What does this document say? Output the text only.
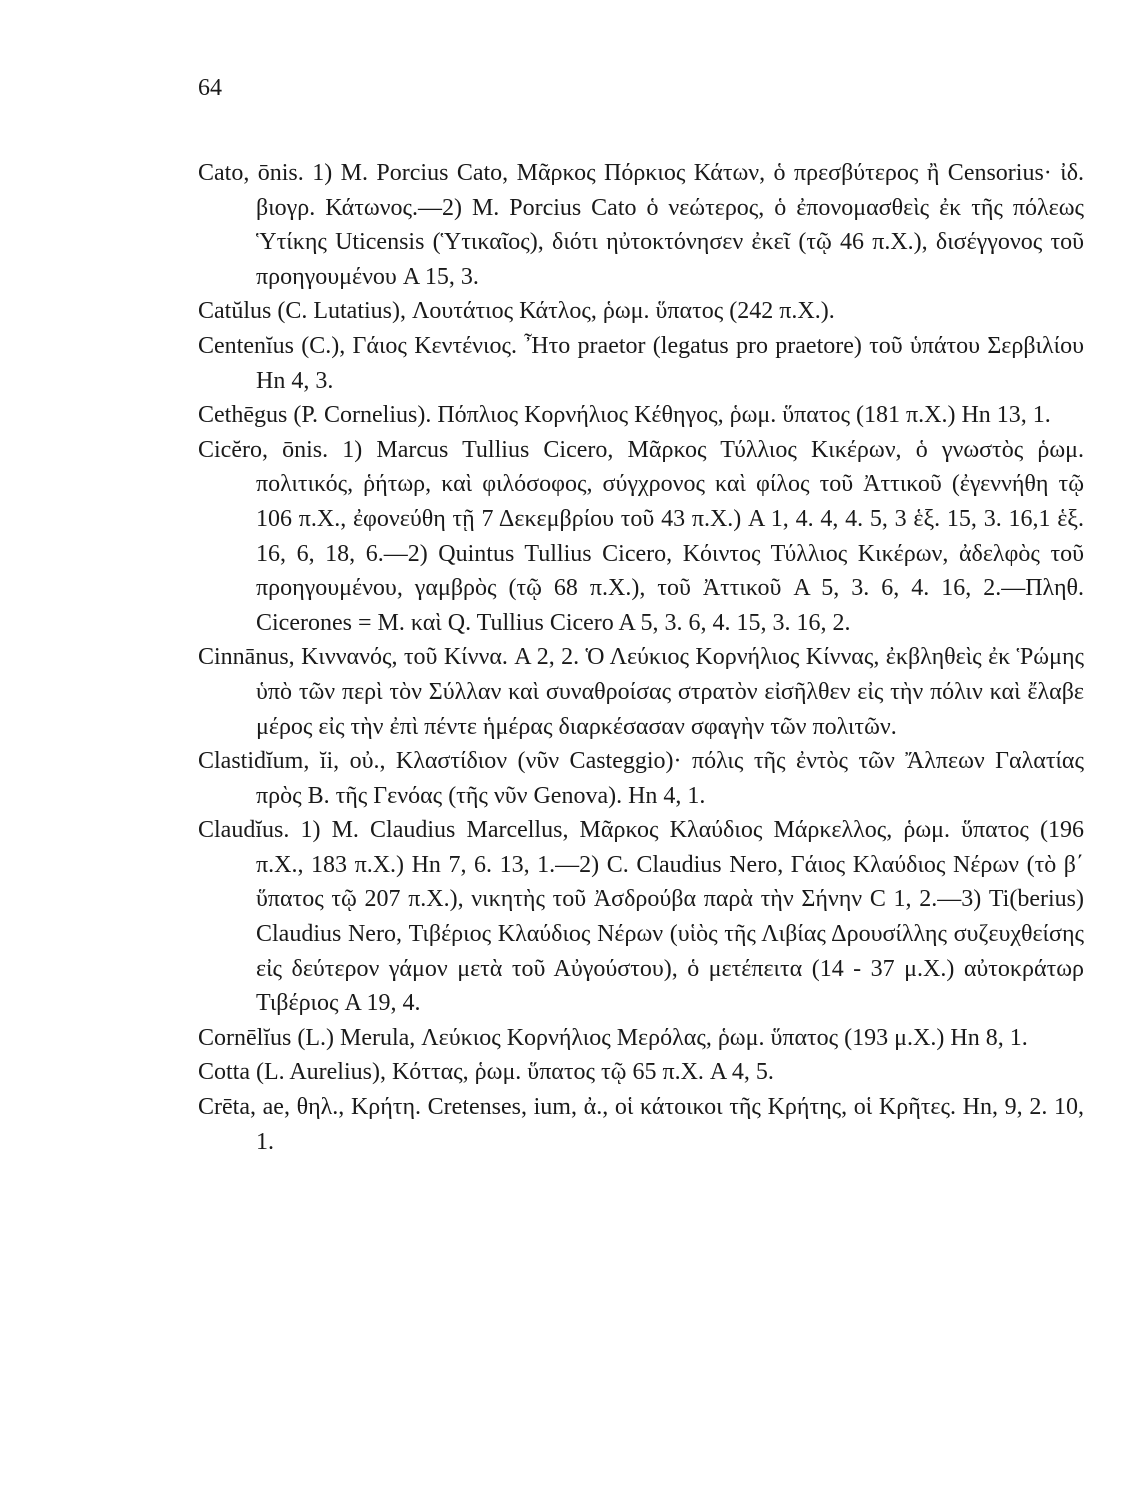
64

Cato, ōnis. 1) M. Porcius Cato, Μᾶρκος Πόρκιος Κάτων, ὁ πρεσβύτερος ἢ Censorius· ἰδ. βιογρ. Κάτωνος.—2) M. Porcius Cato ὁ νεώτερος, ὁ ἐπονομασθεὶς ἐκ τῆς πόλεως Ὑτίκης Uticensis (Ὑτικαῖος), διότι ηὐτοκτόνησεν ἐκεῖ (τῷ 46 π.Χ.), δισέγγονος τοῦ προηγουμένου A 15, 3.

Catŭlus (C. Lutatius), Λουτάτιος Κάτλος, ῥωμ. ὕπατος (242 π.Χ.).

Centenĭus (C.), Γάιος Κεντένιος. Ἦτο praetor (legatus pro praetore) τοῦ ὑπάτου Σερβιλίου Hn 4, 3.

Cethēgus (P. Cornelius). Πόπλιος Κορνήλιος Κέθηγος, ῥωμ. ὕπατος (181 π.Χ.) Hn 13, 1.

Cicĕro, ōnis. 1) Marcus Tullius Cicero, Μᾶρκος Τύλλιος Κικέρων, ὁ γνωστὸς ῥωμ. πολιτικός, ῥήτωρ, καὶ φιλόσοφος, σύγχρονος καὶ φίλος τοῦ Ἀττικοῦ (ἐγεννήθη τῷ 106 π.Χ., ἐφονεύθη τῇ 7 Δεκεμβρίου τοῦ 43 π.Χ.) A 1, 4. 4, 4. 5, 3 ἑξ. 15, 3. 16,1 ἑξ. 16, 6, 18, 6.—2) Quintus Tullius Cicero, Κόιντος Τύλλιος Κικέρων, ἀδελφὸς τοῦ προηγουμένου, γαμβρὸς (τῷ 68 π.Χ.), τοῦ Ἀττικοῦ A 5, 3. 6, 4. 16, 2.—Πληθ. Cicerones = M. καὶ Q. Tullius Cicero A 5, 3. 6, 4. 15, 3. 16, 2.

Cinnānus, Κιννανός, τοῦ Κίννα. A 2, 2. Ὁ Λεύκιος Κορνήλιος Κίννας, ἐκβληθεὶς ἐκ Ῥώμης ὑπὸ τῶν περὶ τὸν Σύλλαν καὶ συναθροίσας στρατὸν εἰσῆλθεν εἰς τὴν πόλιν καὶ ἔλαβε μέρος εἰς τὴν ἐπὶ πέντε ἡμέρας διαρκέσασαν σφαγὴν τῶν πολιτῶν.

Clastidĭum, ĭi, οὐ., Κλαστίδιον (νῦν Casteggio)· πόλις τῆς ἐντὸς τῶν Ἄλπεων Γαλατίας πρὸς B. τῆς Γενόας (τῆς νῦν Genova). Hn 4, 1.

Claudĭus. 1) M. Claudius Marcellus, Μᾶρκος Κλαύδιος Μάρκελλος, ῥωμ. ὕπατος (196 π.Χ., 183 π.Χ.) Hn 7, 6. 13, 1.—2) C. Claudius Nero, Γάιος Κλαύδιος Νέρων (τὸ β΄ ὕπατος τῷ 207 π.Χ.), νικητὴς τοῦ Ἀσδρούβα παρὰ τὴν Σήνην C 1, 2.—3) Ti(berius) Claudius Nero, Τιβέριος Κλαύδιος Νέρων (υἱὸς τῆς Λιβίας Δρουσίλλης συζευχθείσης εἰς δεύτερον γάμον μετὰ τοῦ Αὐγούστου), ὁ μετέπειτα (14 - 37 μ.Χ.) αὐτοκράτωρ Τιβέριος A 19, 4.

Cornēlĭus (L.) Merula, Λεύκιος Κορνήλιος Μερόλας, ῥωμ. ὕπατος (193 μ.Χ.) Hn 8, 1.

Cotta (L. Aurelius), Κόττας, ῥωμ. ὕπατος τῷ 65 π.Χ. A 4, 5.

Crēta, ae, θηλ., Κρήτη. Cretenses, ium, ἀ., οἱ κάτοικοι τῆς Κρήτης, οἱ Κρῆτες. Hn, 9, 2. 10, 1.
